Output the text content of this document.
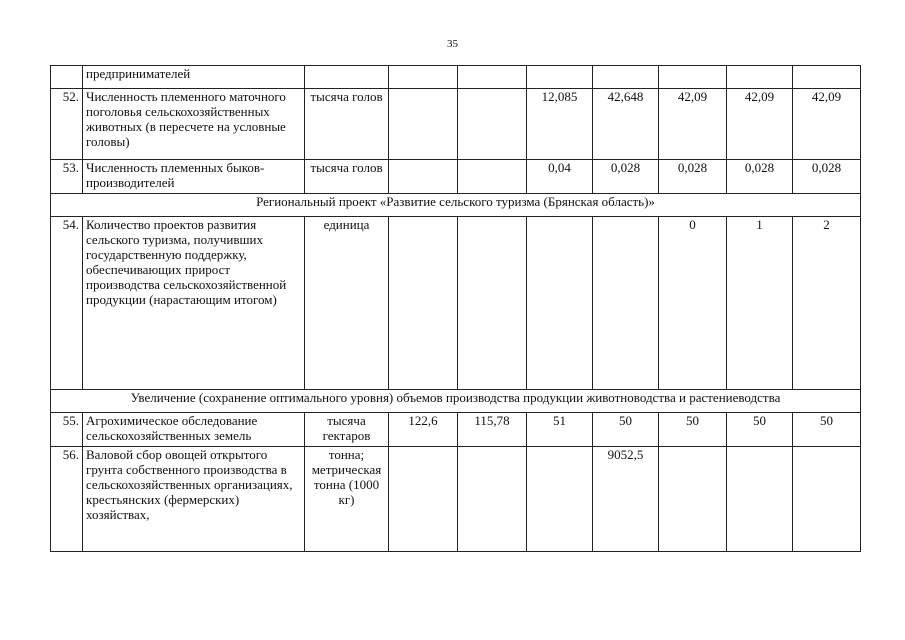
35
	предпринимателей								
52.	Численность племенного маточного поголовья сельскохозяйственных животных (в пересчете на условные головы)	тысяча голов			12,085	42,648	42,09	42,09	42,09
53.	Численность племенных быков-производителей	тысяча голов			0,04	0,028	0,028	0,028	0,028
Региональный проект «Развитие сельского туризма (Брянская область)»									
54.	Количество проектов развития сельского туризма, получивших государственную поддержку, обеспечивающих прирост производства сельскохозяйственной продукции (нарастающим итогом)	единица					0	1	2
Увеличение (сохранение оптимального уровня) объемов производства продукции животноводства и растениеводства									
55.	Агрохимическое обследование сельскохозяйственных земель	тысяча гектаров	122,6	115,78	51	50	50	50	50
56.	Валовой сбор овощей открытого грунта собственного производства в сельскохозяйственных организациях, крестьянских (фермерских) хозяйствах,	тонна; метрическая тонна (1000 кг)				9052,5			
